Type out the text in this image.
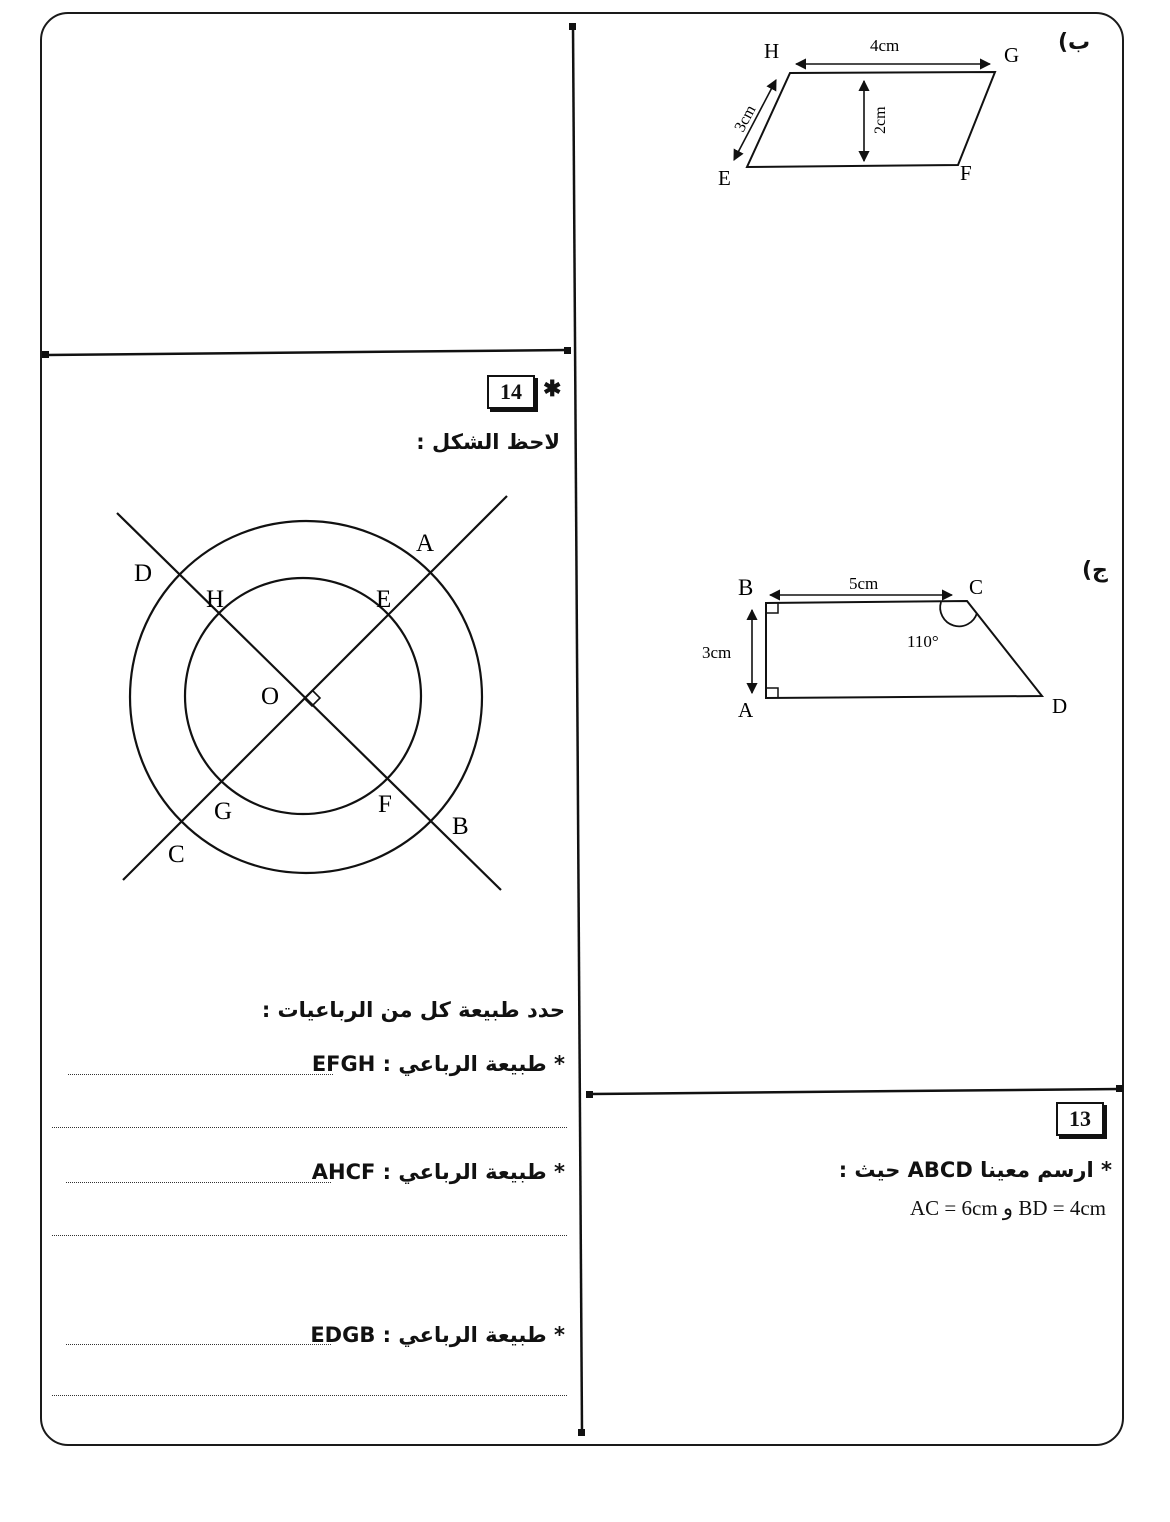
ب)
H	G
E	F
4cm
3cm	2cm
ج)
B	C
A	D
5cm
3cm
110°
13
* ارسم معينا ABCD حيث :
BD = 4cm و AC = 6cm
✱
14
لاحظ الشكل :
D
A
H	E
O
G	F
B
C
حدد طبيعة كل من الرباعيات :
* طبيعة الرباعي : EFGH
* طبيعة الرباعي : AHCF
* طبيعة الرباعي : EDGB
